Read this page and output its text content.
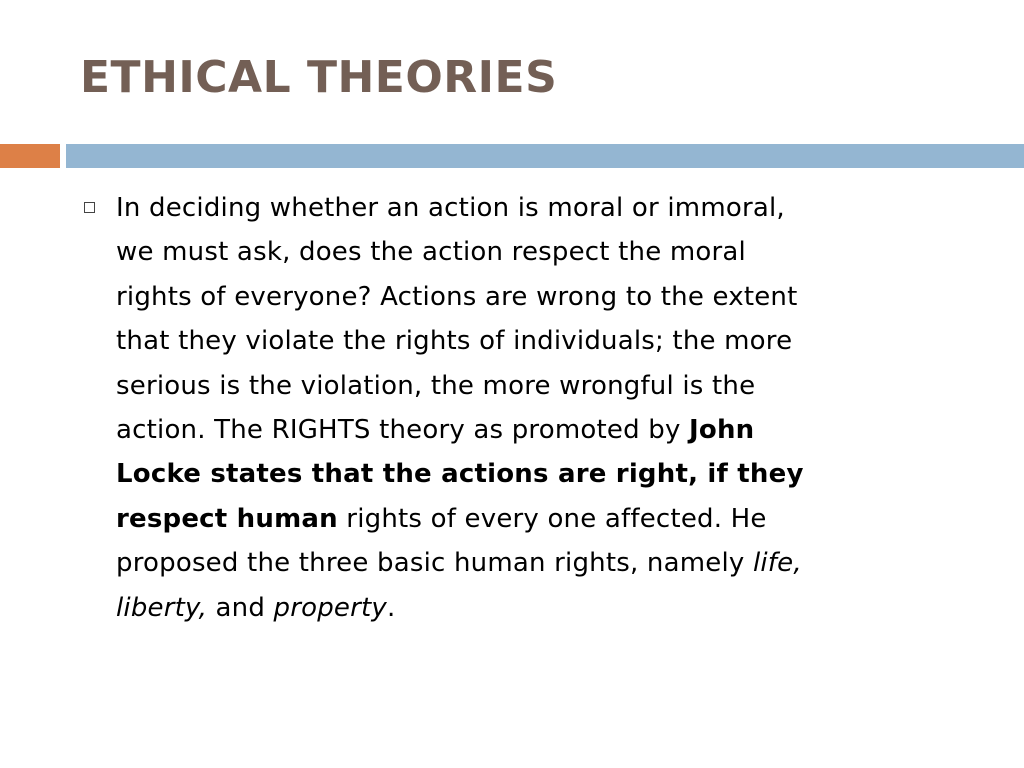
ETHICAL THEORIES

In deciding whether an action is moral or immoral,
we must ask, does the action respect the moral
rights of everyone? Actions are wrong to the extent
that they violate the rights of individuals; the more
serious is the violation, the more wrongful is the
action. The RIGHTS theory as promoted by John
Locke states that the actions are right, if they
respect human rights of every one affected. He
proposed the three basic human rights, namely life,
liberty, and property.
